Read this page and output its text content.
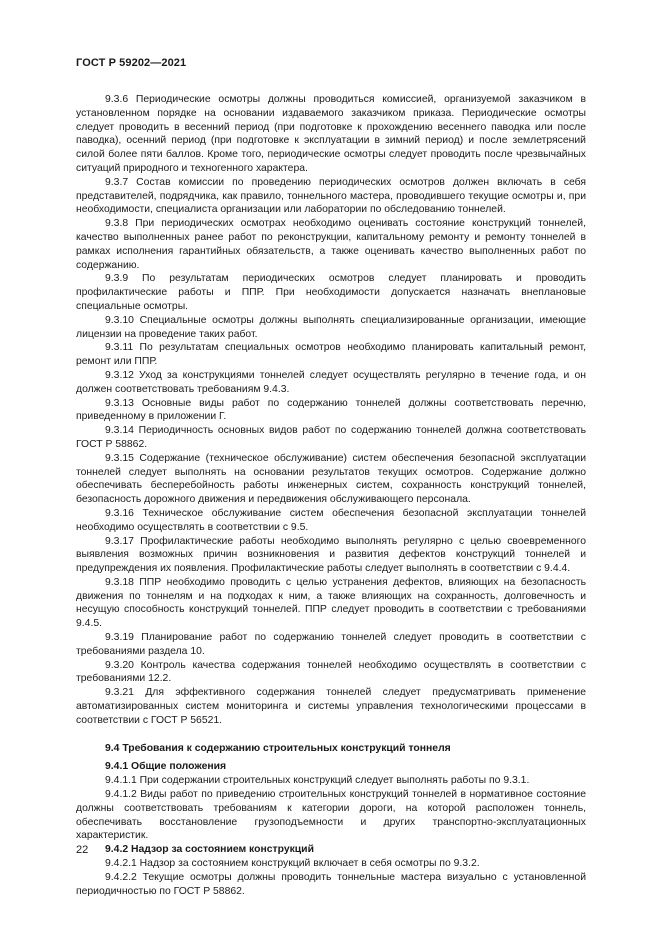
ГОСТ Р 59202—2021

9.3.6 Периодические осмотры должны проводиться комиссией, организуемой заказчиком в установленном порядке на основании издаваемого заказчиком приказа. Периодические осмотры следует проводить в весенний период (при подготовке к прохождению весеннего паводка или после паводка), осенний период (при подготовке к эксплуатации в зимний период) и после землетрясений силой более пяти баллов. Кроме того, периодические осмотры следует проводить после чрезвычайных ситуаций природного и техногенного характера.

9.3.7 Состав комиссии по проведению периодических осмотров должен включать в себя представителей, подрядчика, как правило, тоннельного мастера, проводившего текущие осмотры и, при необходимости, специалиста организации или лаборатории по обследованию тоннелей.

9.3.8 При периодических осмотрах необходимо оценивать состояние конструкций тоннелей, качество выполненных ранее работ по реконструкции, капитальному ремонту и ремонту тоннелей в рамках исполнения гарантийных обязательств, а также оценивать качество выполненных работ по содержанию.

9.3.9 По результатам периодических осмотров следует планировать и проводить профилактические работы и ППР. При необходимости допускается назначать внеплановые специальные осмотры.

9.3.10 Специальные осмотры должны выполнять специализированные организации, имеющие лицензии на проведение таких работ.

9.3.11 По результатам специальных осмотров необходимо планировать капитальный ремонт, ремонт или ППР.

9.3.12 Уход за конструкциями тоннелей следует осуществлять регулярно в течение года, и он должен соответствовать требованиям 9.4.3.

9.3.13 Основные виды работ по содержанию тоннелей должны соответствовать перечню, приведенному в приложении Г.

9.3.14 Периодичность основных видов работ по содержанию тоннелей должна соответствовать ГОСТ Р 58862.

9.3.15 Содержание (техническое обслуживание) систем обеспечения безопасной эксплуатации тоннелей следует выполнять на основании результатов текущих осмотров. Содержание должно обеспечивать бесперебойность работы инженерных систем, сохранность конструкций тоннелей, безопасность дорожного движения и передвижения обслуживающего персонала.

9.3.16 Техническое обслуживание систем обеспечения безопасной эксплуатации тоннелей необходимо осуществлять в соответствии с 9.5.

9.3.17 Профилактические работы необходимо выполнять регулярно с целью своевременного выявления возможных причин возникновения и развития дефектов конструкций тоннелей и предупреждения их появления. Профилактические работы следует выполнять в соответствии с 9.4.4.

9.3.18 ППР необходимо проводить с целью устранения дефектов, влияющих на безопасность движения по тоннелям и на подходах к ним, а также влияющих на сохранность, долговечность и несущую способность конструкций тоннелей. ППР следует проводить в соответствии с требованиями 9.4.5.

9.3.19 Планирование работ по содержанию тоннелей следует проводить в соответствии с требованиями раздела 10.

9.3.20 Контроль качества содержания тоннелей необходимо осуществлять в соответствии с требованиями 12.2.

9.3.21 Для эффективного содержания тоннелей следует предусматривать применение автоматизированных систем мониторинга и системы управления технологическими процессами в соответствии с ГОСТ Р 56521.

9.4 Требования к содержанию строительных конструкций тоннеля

9.4.1 Общие положения

9.4.1.1 При содержании строительных конструкций следует выполнять работы по 9.3.1.

9.4.1.2 Виды работ по приведению строительных конструкций тоннелей в нормативное состояние должны соответствовать требованиям к категории дороги, на которой расположен тоннель, обеспечивать восстановление грузоподъемности и других транспортно-эксплуатационных характеристик.

9.4.2 Надзор за состоянием конструкций

9.4.2.1 Надзор за состоянием конструкций включает в себя осмотры по 9.3.2.

9.4.2.2 Текущие осмотры должны проводить тоннельные мастера визуально с установленной периодичностью по ГОСТ Р 58862.

22
